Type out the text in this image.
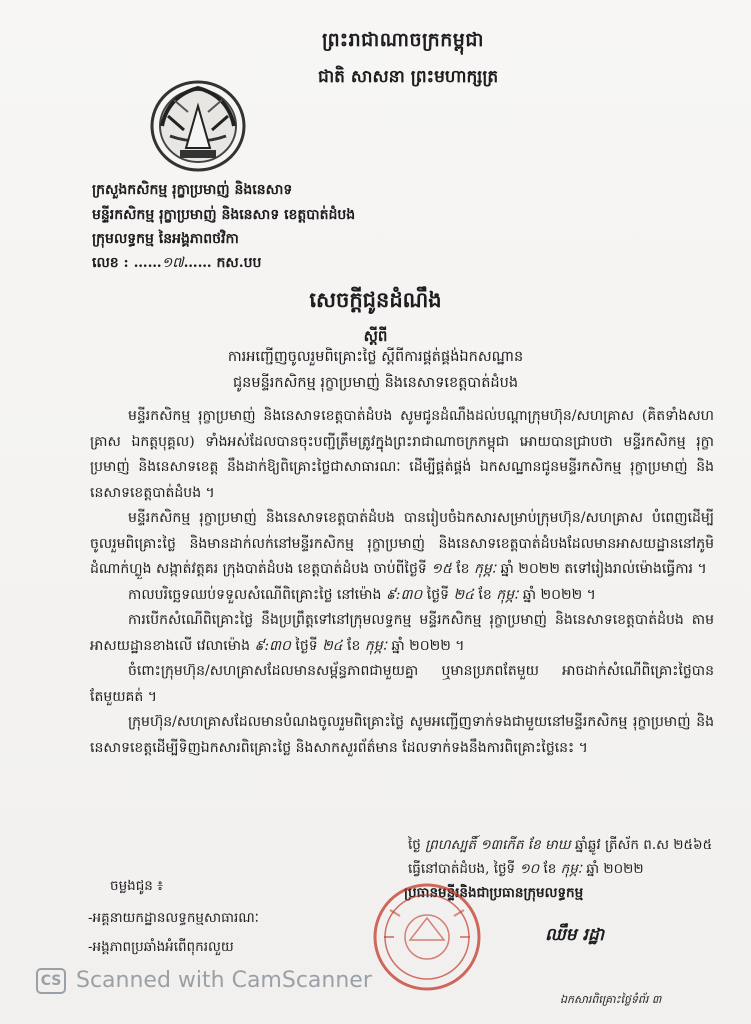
ព្រះរាជាណាចក្រកម្ពុជា
ជាតិ សាសនា ព្រះមហាក្សត្រ
ក្រសួងកសិកម្ម រុក្ខាប្រមាញ់ និងនេសាទ
មន្ទីរកសិកម្ម រុក្ខាប្រមាញ់ និងនេសាទ ខេត្តបាត់ដំបង
ក្រុមលទ្ធកម្ម នៃអង្គភាពថវិកា
លេខ : ……១៧…… កស.បប
សេចក្តីជូនដំណឹង
ស្តីពី
ការអញ្ជើញចូលរួមពិគ្រោះថ្លៃ ស្តីពីការផ្គត់ផ្គង់ឯកសណ្ឋាន
ជូនមន្ទីរកសិកម្ម រុក្ខាប្រមាញ់ និងនេសាទខេត្តបាត់ដំបង

មន្ទីរកសិកម្ម រុក្ខាប្រមាញ់ និងនេសាទខេត្តបាត់ដំបង សូមជូនដំណឹងដល់បណ្តាក្រុមហ៊ុន/សហគ្រាស (គិតទាំងសហគ្រាស ឯកត្តបុគ្គល) ទាំងអស់ដែលបានចុះបញ្ជីត្រឹមត្រូវក្នុងព្រះរាជាណាចក្រកម្ពុជា អោយបានជ្រាបថា មន្ទីរកសិកម្ម រុក្ខាប្រមាញ់ និងនេសាទខេត្ត នឹងដាក់ឱ្យពិគ្រោះថ្លៃជាសាធារណៈ ដើម្បីផ្គត់ផ្គង់ ឯកសណ្ឋានជូនមន្ទីរកសិកម្ម រុក្ខាប្រមាញ់ និងនេសាទខេត្តបាត់ដំបង ។

មន្ទីរកសិកម្ម រុក្ខាប្រមាញ់ និងនេសាទខេត្តបាត់ដំបង បានរៀបចំឯកសារសម្រាប់ក្រុមហ៊ុន/សហគ្រាស បំពេញដើម្បីចូលរួមពិគ្រោះថ្លៃ និងមានដាក់លក់នៅមន្ទីរកសិកម្ម រុក្ខាប្រមាញ់ និងនេសាទខេត្តបាត់ដំបងដែលមានអាសយដ្ឋាននៅភូមិដំណាក់ហ្លួង សង្កាត់វត្តគរ ក្រុងបាត់ដំបង ខេត្តបាត់ដំបង ចាប់ពីថ្ងៃទី ១៥ ខែ កុម្ភៈ ឆ្នាំ ២០២២ តទៅរៀងរាល់ម៉ោងធ្វើការ ។

កាលបរិច្ឆេទឈប់ទទួលសំណើពិគ្រោះថ្លៃ នៅម៉ោង ៩:៣០ ថ្ងៃទី ២៤ ខែ កុម្ភៈ ឆ្នាំ ២០២២ ។

ការបើកសំណើពិគ្រោះថ្លៃ នឹងប្រព្រឹត្តទៅនៅក្រុមលទ្ធកម្ម មន្ទីរកសិកម្ម រុក្ខាប្រមាញ់ និងនេសាទខេត្តបាត់ដំបង តាមអាសយដ្ឋានខាងលើ វេលាម៉ោង ៩:៣០ ថ្ងៃទី ២៤ ខែ កុម្ភៈ ឆ្នាំ ២០២២ ។

ចំពោះក្រុមហ៊ុន/សហគ្រាសដែលមានសម្ព័ន្ធភាពជាមួយគ្នា ឬមានប្រភពតែមួយ អាចដាក់សំណើពិគ្រោះថ្លៃបានតែមួយគត់ ។

ក្រុមហ៊ុន/សហគ្រាសដែលមានបំណងចូលរួមពិគ្រោះថ្លៃ សូមអញ្ជើញទាក់ទងជាមួយនៅមន្ទីរកសិកម្ម រុក្ខាប្រមាញ់ និងនេសាទខេត្តដើម្បីទិញឯកសារពិគ្រោះថ្លៃ និងសាកសួរព័ត៌មាន ដែលទាក់ទងនឹងការពិគ្រោះថ្លៃនេះ ។

ថ្ងៃ ព្រហស្បតិ៍ ១៣កើត ខែ មាឃ ឆ្នាំឆ្លូវ ត្រីស័ក ព.ស ២៥៦៥
ធ្វើនៅបាត់ដំបង, ថ្ងៃទី ១០ ខែ កុម្ភៈ ឆ្នាំ ២០២២
ប្រធានមន្ទីរនិងជាប្រធានក្រុមលទ្ធកម្ម
ចម្លងជូន ៖
-អគ្គនាយកដ្ឋានលទ្ធកម្មសាធារណៈ
-អង្គភាពប្រឆាំងអំពើពុករលួយ
ឈឹម រដ្ឋា
CS Scanned with CamScanner
ឯកសារពិគ្រោះថ្លៃទំព័រ ៣
